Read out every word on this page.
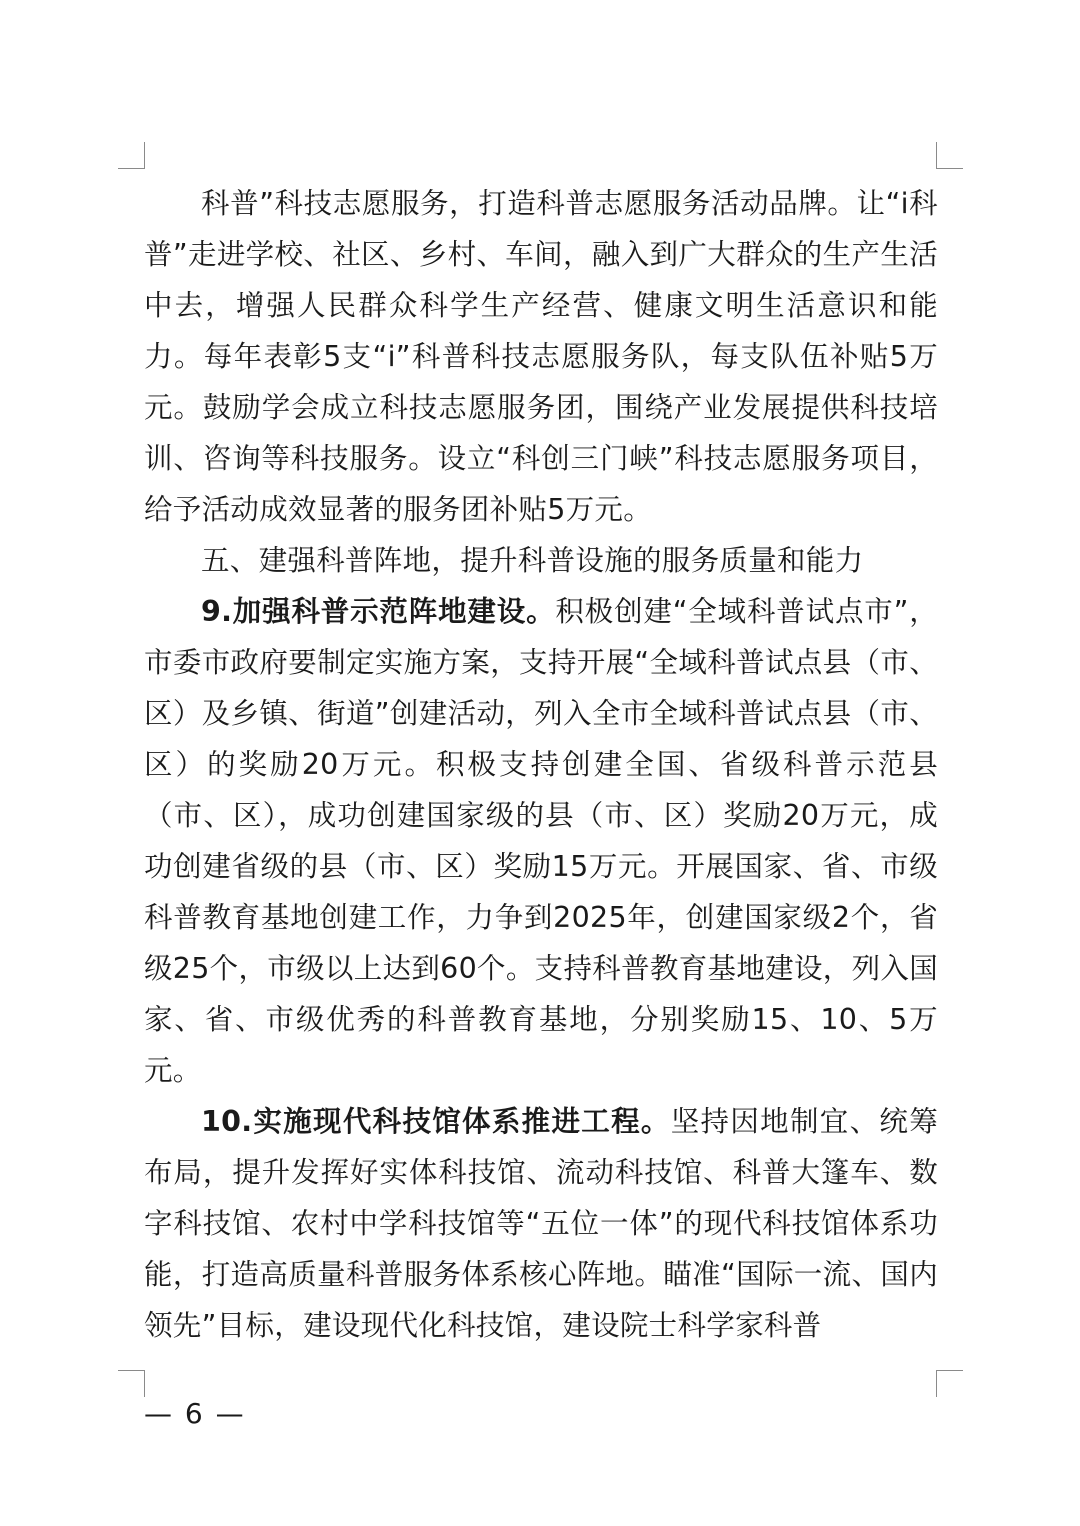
科普”科技志愿服务，打造科普志愿服务活动品牌。让“i科普”走进学校、社区、乡村、车间，融入到广大群众的生产生活中去，增强人民群众科学生产经营、健康文明生活意识和能力。每年表彰5支“i”科普科技志愿服务队，每支队伍补贴5万元。鼓励学会成立科技志愿服务团，围绕产业发展提供科技培训、咨询等科技服务。设立“科创三门峡”科技志愿服务项目，给予活动成效显著的服务团补贴5万元。

五、建强科普阵地，提升科普设施的服务质量和能力

9.加强科普示范阵地建设。积极创建“全域科普试点市”，市委市政府要制定实施方案，支持开展“全域科普试点县（市、区）及乡镇、街道”创建活动，列入全市全域科普试点县（市、区）的奖励20万元。积极支持创建全国、省级科普示范县（市、区），成功创建国家级的县（市、区）奖励20万元，成功创建省级的县（市、区）奖励15万元。开展国家、省、市级科普教育基地创建工作，力争到2025年，创建国家级2个，省级25个，市级以上达到60个。支持科普教育基地建设，列入国家、省、市级优秀的科普教育基地，分别奖励15、10、5万元。

10.实施现代科技馆体系推进工程。坚持因地制宜、统筹布局，提升发挥好实体科技馆、流动科技馆、科普大篷车、数字科技馆、农村中学科技馆等“五位一体”的现代科技馆体系功能，打造高质量科普服务体系核心阵地。瞄准“国际一流、国内领先”目标，建设现代化科技馆，建设院士科学家科普

— 6 —
